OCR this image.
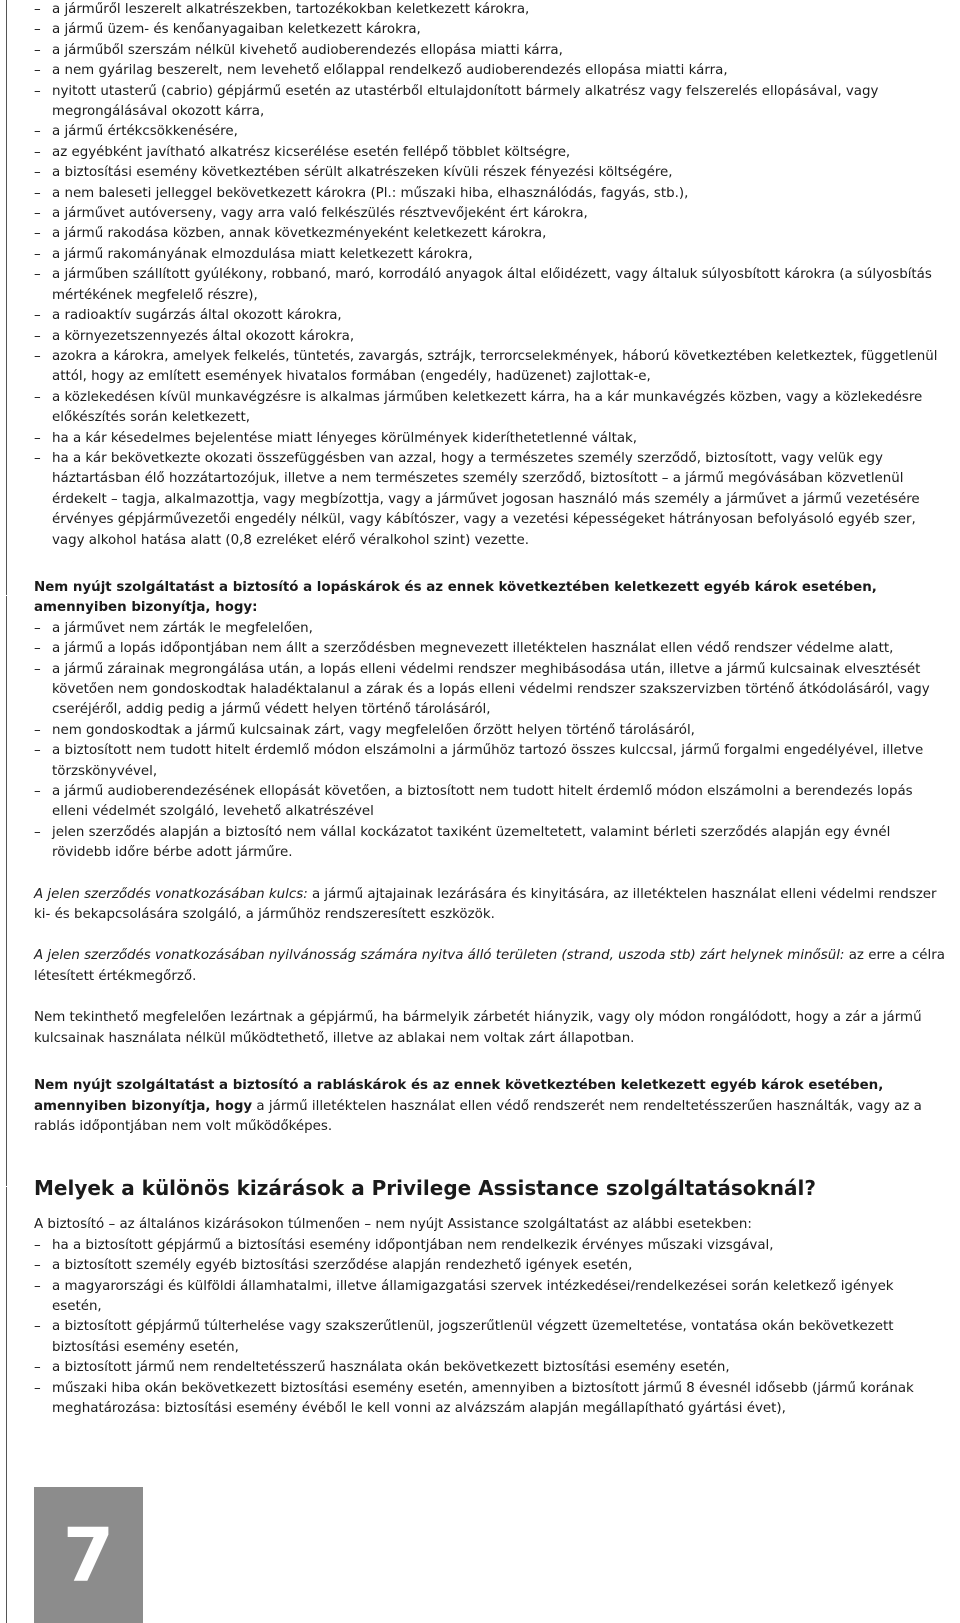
– a járműről leszerelt alkatrészekben, tartozékokban keletkezett károkra,
– a jármű üzem- és kenőanyagaiban keletkezett károkra,
– a járműből szerszám nélkül kivehető audioberendezés ellopása miatti kárra,
– a nem gyárilag beszerelt, nem levehető előlappal rendelkező audioberendezés ellopása miatti kárra,
– nyitott utasterű (cabrio) gépjármű esetén az utastérből eltulajdonított bármely alkatrész vagy felszerelés ellopásával, vagy megrongálásával okozott kárra,
– a jármű értékcsökkenésére,
– az egyébként javítható alkatrész kicserélése esetén fellépő többlet költségre,
– a biztosítási esemény következtében sérült alkatrészeken kívüli részek fényezési költségére,
– a nem baleseti jelleggel bekövetkezett károkra (Pl.: műszaki hiba, elhasználódás, fagyás, stb.),
– a járművet autóverseny, vagy arra való felkészülés résztvevőjeként ért károkra,
– a jármű rakodása közben, annak következményeként keletkezett károkra,
– a jármű rakományának elmozdulása miatt keletkezett károkra,
– a járműben szállított gyúlékony, robbanó, maró, korrodáló anyagok által előidézett, vagy általuk súlyosbított károkra (a súlyosbítás mértékének megfelelő részre),
– a radioaktív sugárzás által okozott károkra,
– a környezetszennyezés által okozott károkra,
– azokra a károkra, amelyek felkelés, tüntetés, zavargás, sztrájk, terrorcselekmények, háború következtében keletkeztek, függetlenül attól, hogy az említett események hivatalos formában (engedély, hadüzenet) zajlottak-e,
– a közlekedésen kívül munkavégzésre is alkalmas járműben keletkezett kárra, ha a kár munkavégzés közben, vagy a közlekedésre előkészítés során keletkezett,
– ha a kár késedelmes bejelentése miatt lényeges körülmények kideríthetetlenné váltak,
– ha a kár bekövetkezte okozati összefüggésben van azzal, hogy a természetes személy szerződő, biztosított, vagy velük egy háztartásban élő hozzátartozójuk, illetve a nem természetes személy szerződő, biztosított – a jármű megóvásában közvetlenül érdekelt – tagja, alkalmazottja, vagy megbízottja, vagy a járművet jogosan használó más személy a járművet a jármű vezetésére érvényes gépjárművezetői engedély nélkül, vagy kábítószer, vagy a vezetési képességeket hátrányosan befolyásoló egyéb szer, vagy alkohol hatása alatt (0,8 ezreléket elérő véralkohol szint) vezette.

Nem nyújt szolgáltatást a biztosító a lopáskárok és az ennek következtében keletkezett egyéb károk esetében, amennyiben bizonyítja, hogy:

– a járművet nem zárták le megfelelően,
– a jármű a lopás időpontjában nem állt a szerződésben megnevezett illetéktelen használat ellen védő rendszer védelme alatt,
– a jármű zárainak megrongálása után, a lopás elleni védelmi rendszer meghibásodása után, illetve a jármű kulcsainak elvesztését követően nem gondoskodtak haladéktalanul a zárak és a lopás elleni védelmi rendszer szakszervizben történő átkódolásáról, vagy cseréjéről, addig pedig a jármű védett helyen történő tárolásáról,
– nem gondoskodtak a jármű kulcsainak zárt, vagy megfelelően őrzött helyen történő tárolásáról,
– a biztosított nem tudott hitelt érdemlő módon elszámolni a járműhöz tartozó összes kulccsal, jármű forgalmi engedélyével, illetve törzskönyvével,
– a jármű audioberendezésének ellopását követően, a biztosított nem tudott hitelt érdemlő módon elszámolni a berendezés lopás elleni védelmét szolgáló, levehető alkatrészével
– jelen szerződés alapján a biztosító nem vállal kockázatot taxiként üzemeltetett, valamint bérleti szerződés alapján egy évnél rövidebb időre bérbe adott járműre.

A jelen szerződés vonatkozásában kulcs: a jármű ajtajainak lezárására és kinyitására, az illetéktelen használat elleni védelmi rendszer ki- és bekapcsolására szolgáló, a járműhöz rendszeresített eszközök.

A jelen szerződés vonatkozásában nyilvánosság számára nyitva álló területen (strand, uszoda stb) zárt helynek minősül: az erre a célra létesített értékmegőrző.

Nem tekinthető megfelelően lezártnak a gépjármű, ha bármelyik zárbetét hiányzik, vagy oly módon rongálódott, hogy a zár a jármű kulcsainak használata nélkül működtethető, illetve az ablakai nem voltak zárt állapotban.

Nem nyújt szolgáltatást a biztosító a rabláskárok és az ennek következtében keletkezett egyéb károk esetében, amennyiben bizonyítja, hogy a jármű illetéktelen használat ellen védő rendszerét nem rendeltetésszerűen használták, vagy az a rablás időpontjában nem volt működőképes.

Melyek a különös kizárások a Privilege Assistance szolgáltatásoknál?

A biztosító – az általános kizárásokon túlmenően – nem nyújt Assistance szolgáltatást az alábbi esetekben:

– ha a biztosított gépjármű a biztosítási esemény időpontjában nem rendelkezik érvényes műszaki vizsgával,
– a biztosított személy egyéb biztosítási szerződése alapján rendezhető igények esetén,
– a magyarországi és külföldi államhatalmi, illetve államigazgatási szervek intézkedései/rendelkezései során keletkező igények esetén,
– a biztosított gépjármű túlterhelése vagy szakszerűtlenül, jogszerűtlenül végzett üzemeltetése, vontatása okán bekövetkezett biztosítási esemény esetén,
– a biztosított jármű nem rendeltetésszerű használata okán bekövetkezett biztosítási esemény esetén,
– műszaki hiba okán bekövetkezett biztosítási esemény esetén, amennyiben a biztosított jármű 8 évesnél idősebb (jármű korának meghatározása: biztosítási esemény évéből le kell vonni az alvázszám alapján megállapítható gyártási évet),
7
